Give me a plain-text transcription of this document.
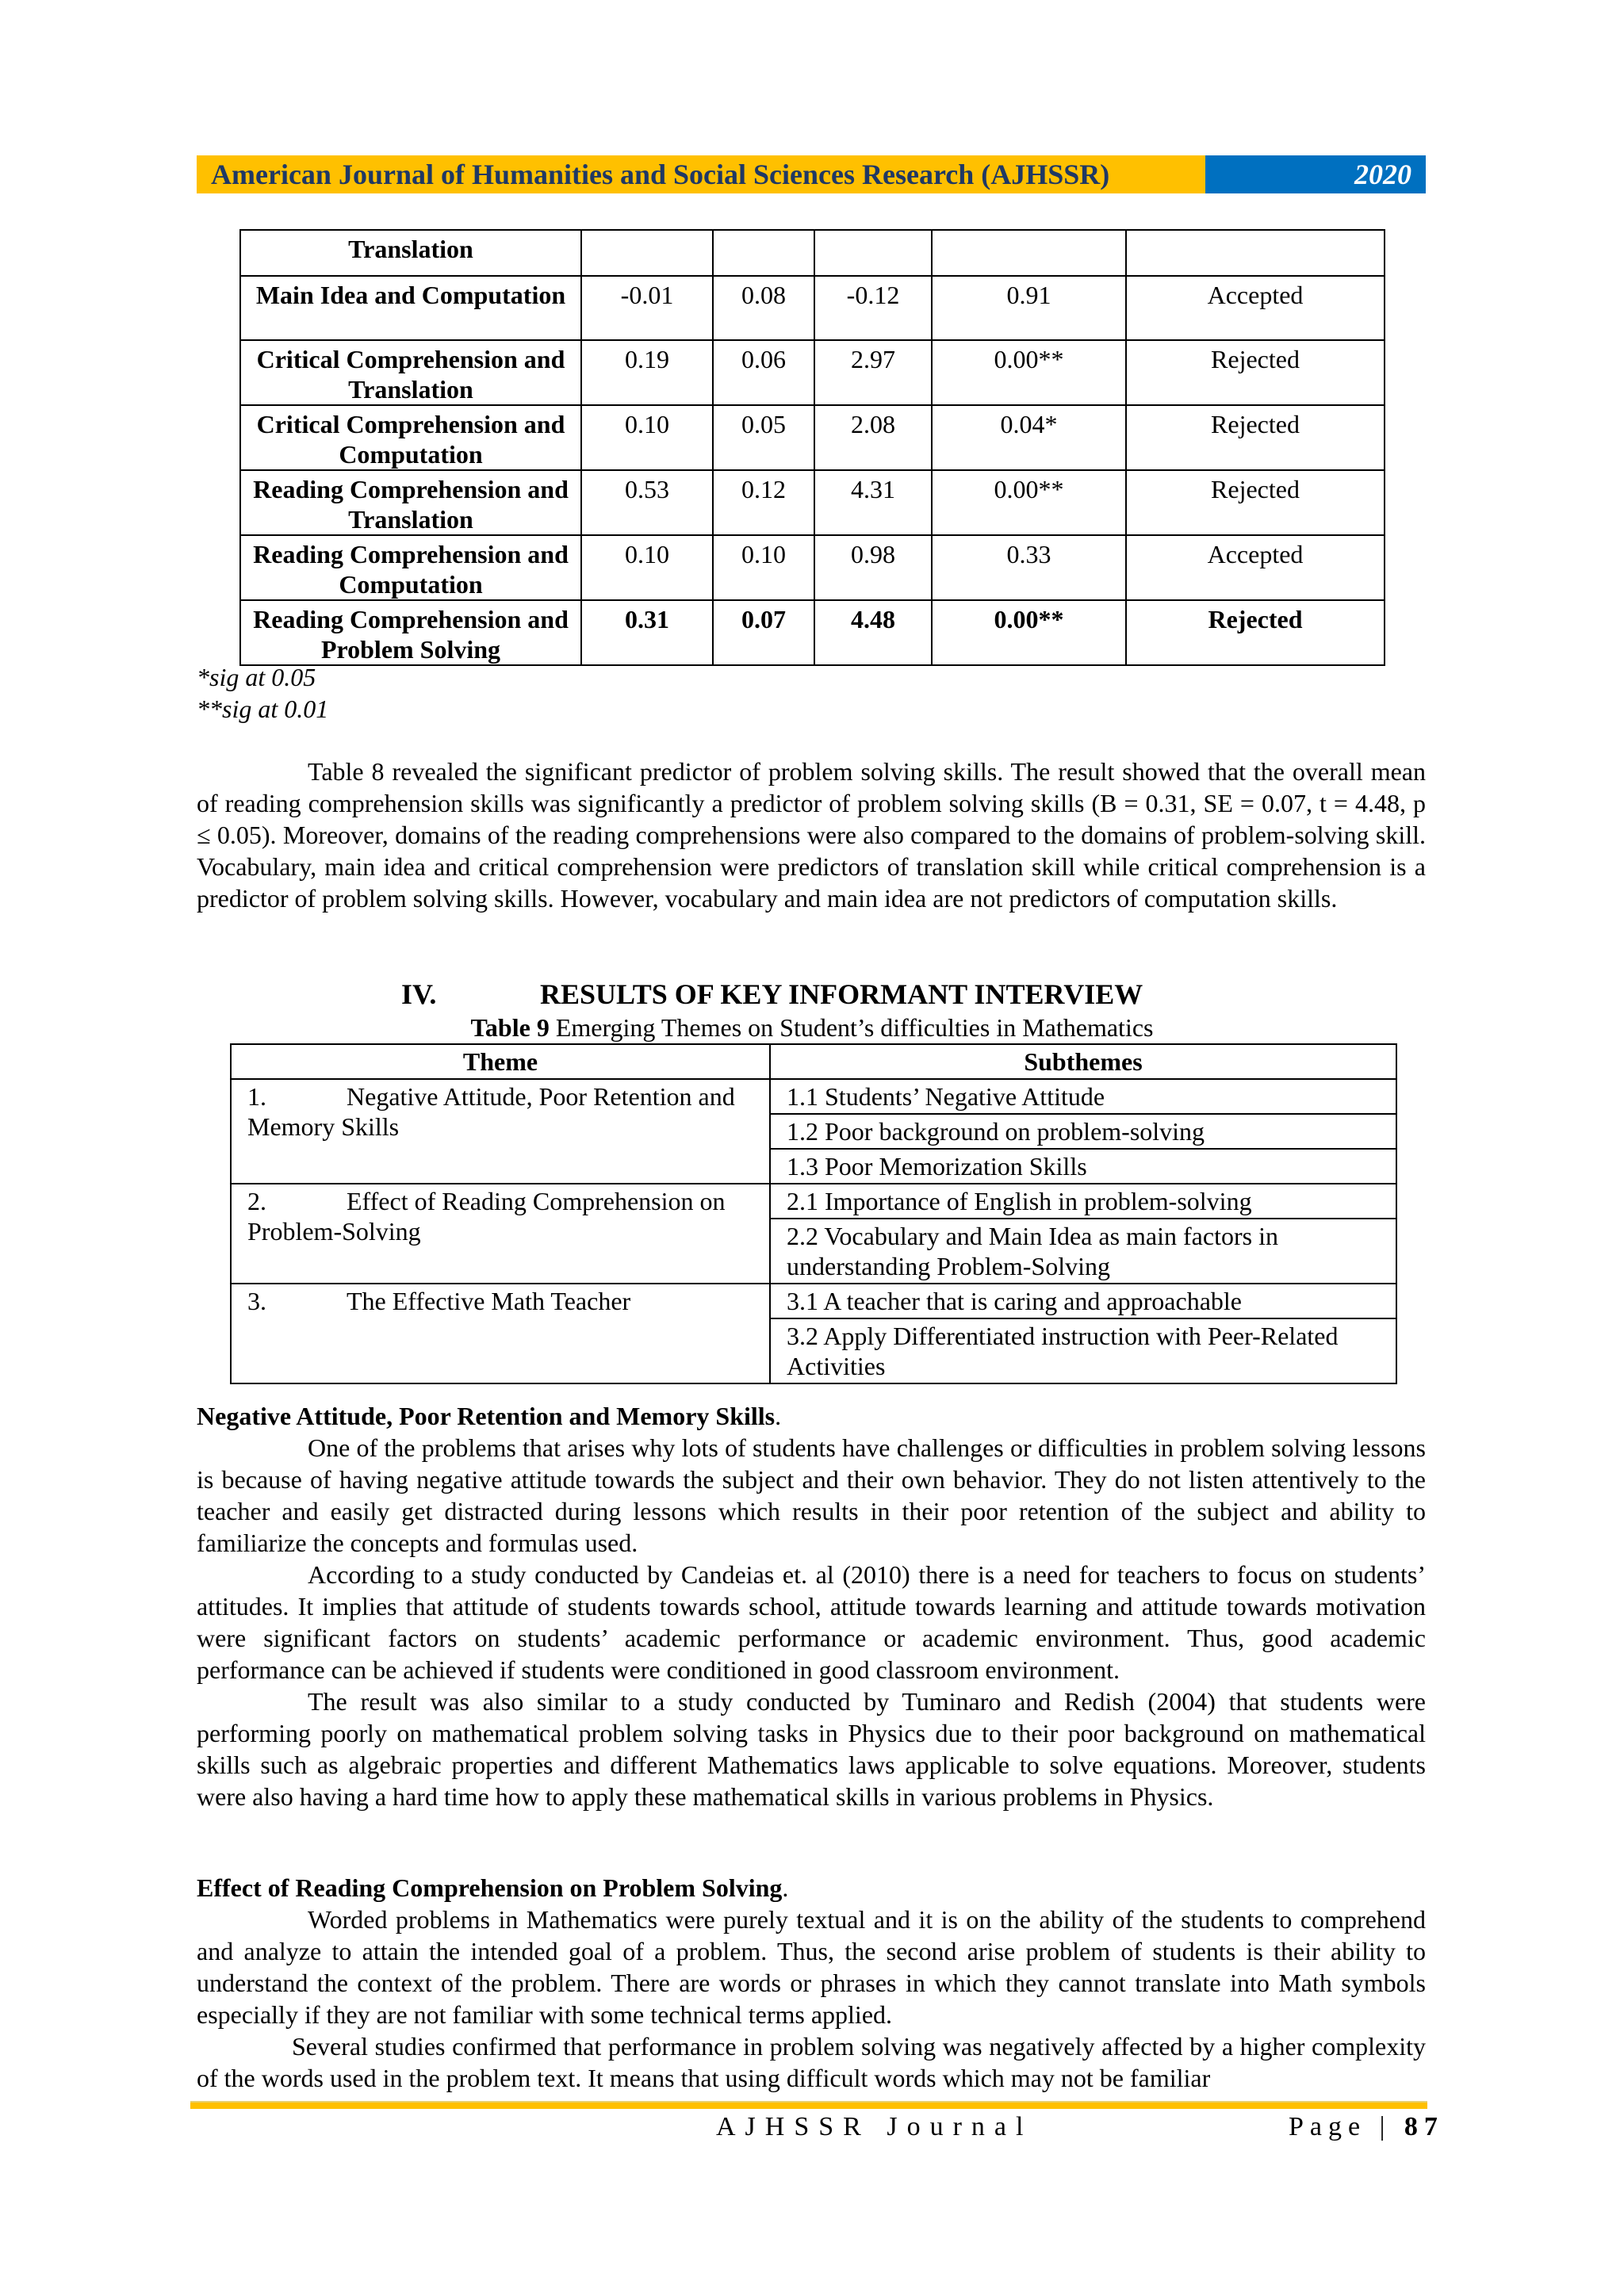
American Journal of Humanities and Social Sciences Research (AJHSSR)	2020
Translation					
Main Idea and Computation	-0.01	0.08	-0.12	0.91	Accepted
Critical Comprehension and Translation	0.19	0.06	2.97	0.00**	Rejected
Critical Comprehension and Computation	0.10	0.05	2.08	0.04*	Rejected
Reading Comprehension and Translation	0.53	0.12	4.31	0.00**	Rejected
Reading Comprehension and Computation	0.10	0.10	0.98	0.33	Accepted
Reading Comprehension and Problem Solving	0.31	0.07	4.48	0.00**	Rejected
*sig at 0.05
**sig at 0.01

Table 8 revealed the significant predictor of problem solving skills. The result showed that the overall mean of reading comprehension skills was significantly a predictor of problem solving skills (B = 0.31, SE = 0.07, t = 4.48, p ≤ 0.05). Moreover, domains of the reading comprehensions were also compared to the domains of problem-solving skill. Vocabulary, main idea and critical comprehension were predictors of translation skill while critical comprehension is a predictor of problem solving skills. However, vocabulary and main idea are not predictors of computation skills.

IV.	RESULTS OF KEY INFORMANT INTERVIEW
Table 9 Emerging Themes on Student’s difficulties in Mathematics
Theme	Subthemes
1. Negative Attitude, Poor Retention and Memory Skills	1.1 Students’ Negative Attitude
	1.2 Poor background on problem-solving
	1.3 Poor Memorization Skills
2. Effect of Reading Comprehension on Problem-Solving	2.1 Importance of English in problem-solving
	2.2 Vocabulary and Main Idea as main factors in understanding Problem-Solving
3. The Effective Math Teacher	3.1 A teacher that is caring and approachable
	3.2 Apply Differentiated instruction with Peer-Related Activities

Negative Attitude, Poor Retention and Memory Skills.

One of the problems that arises why lots of students have challenges or difficulties in problem solving lessons is because of having negative attitude towards the subject and their own behavior. They do not listen attentively to the teacher and easily get distracted during lessons which results in their poor retention of the subject and ability to familiarize the concepts and formulas used.

According to a study conducted by Candeias et. al (2010) there is a need for teachers to focus on students’ attitudes. It implies that attitude of students towards school, attitude towards learning and attitude towards motivation were significant factors on students’ academic performance or academic environment. Thus, good academic performance can be achieved if students were conditioned in good classroom environment.

The result was also similar to a study conducted by Tuminaro and Redish (2004) that students were performing poorly on mathematical problem solving tasks in Physics due to their poor background on mathematical skills such as algebraic properties and different Mathematics laws applicable to solve equations. Moreover, students were also having a hard time how to apply these mathematical skills in various problems in Physics.

Effect of Reading Comprehension on Problem Solving.

Worded problems in Mathematics were purely textual and it is on the ability of the students to comprehend and analyze to attain the intended goal of a problem. Thus, the second arise problem of students is their ability to understand the context of the problem. There are words or phrases in which they cannot translate into Math symbols especially if they are not familiar with some technical terms applied.

Several studies confirmed that performance in problem solving was negatively affected by a higher complexity of the words used in the problem text. It means that using difficult words which may not be familiar

AJHSSR Journal	Page | 87
